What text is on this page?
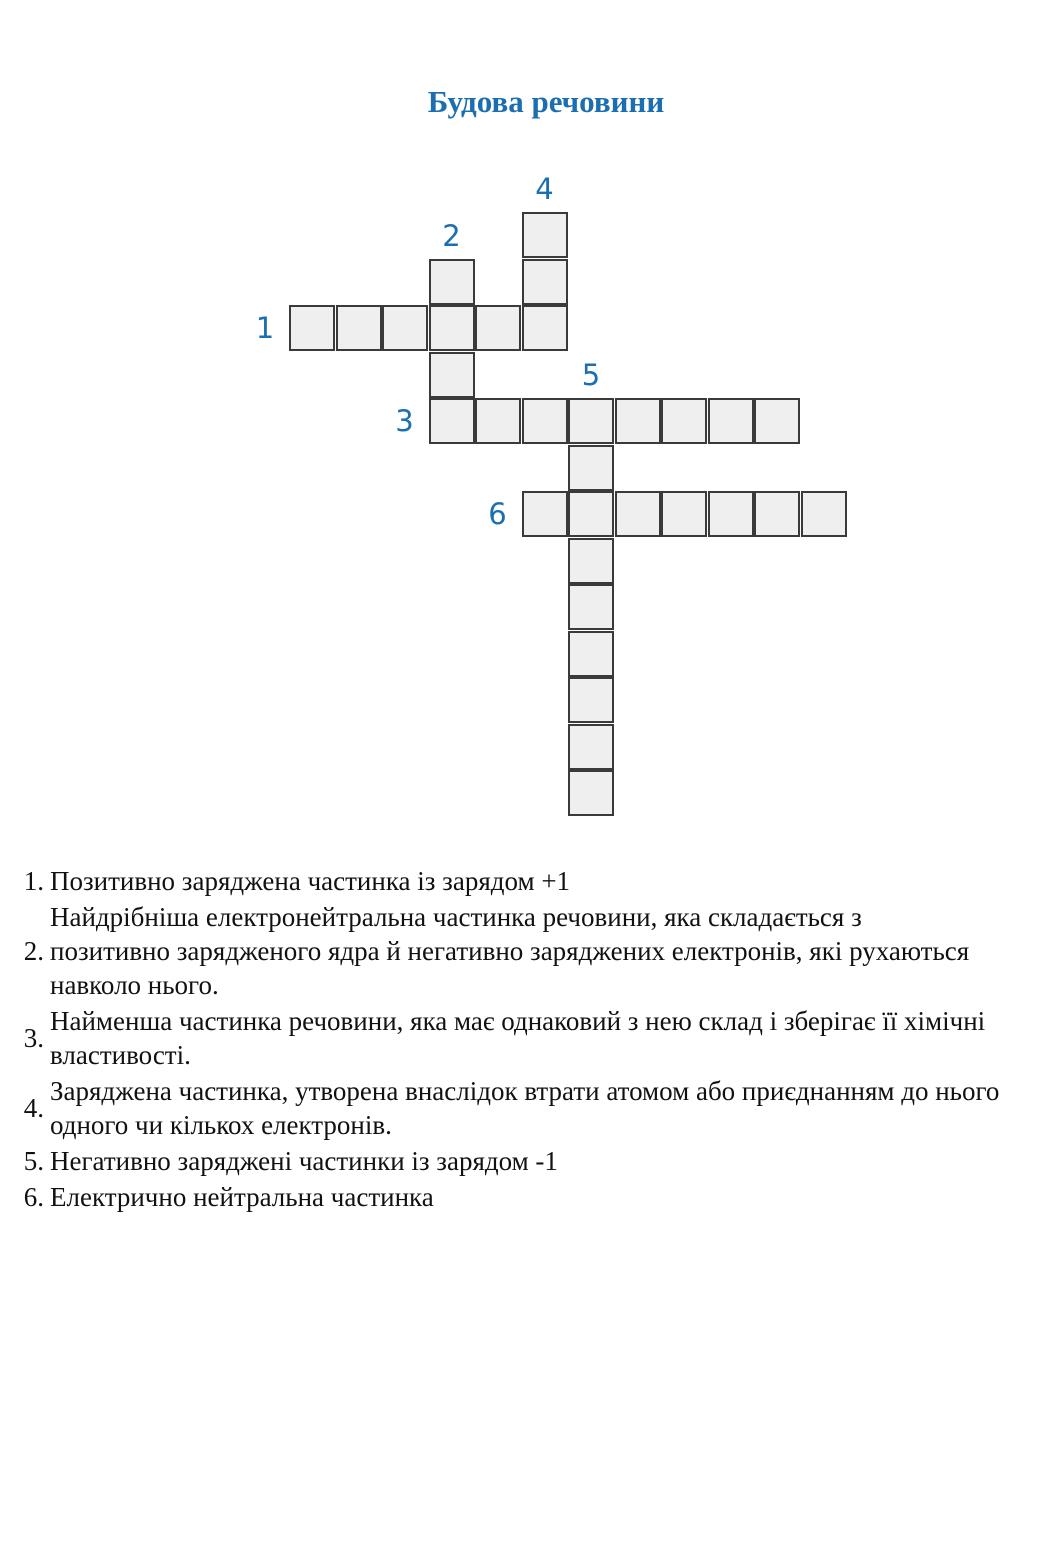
Будова речовини
1
2
3
4
5
6
1. Позитивно заряджена частинка із зарядом +1
2.
Найдрібніша електронейтральна частинка речовини, яка складається з позитивно зарядженого ядра й негативно заряджених електронів, які рухаються навколо нього.
3.
Найменша частинка речовини, яка має однаковий з нею склад і зберігає її хімічні властивості.
4.
Заряджена частинка, утворена внаслідок втрати атомом або приєднанням до нього одного чи кількох електронів.
5. Негативно заряджені частинки із зарядом -1
6. Електрично нейтральна частинка
